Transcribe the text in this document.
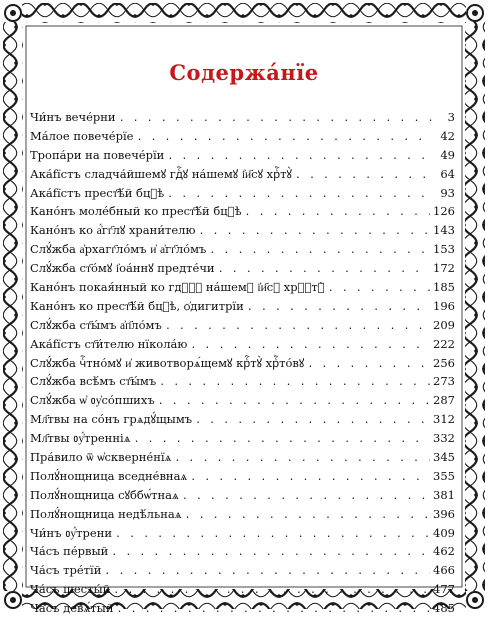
Содержа́нїе
Чи́нъ вече́рни . . .	3
Ма́лое повече́рїе . . .	42
Тропа́ри на повече́рїи . . .	49
Ака́fїстъ сладча́йшемꙋ гдⷭ҇ꙋ на́шемꙋ і҆и҃сꙋ хрⷭ҇тꙋ̀ . . .	64
Ака́fїстъ прест҃ѣ́й бцⷣѣ . . .	93
Кано́нъ моле́бный ко прест҃ѣ́й бцⷣѣ . . .	126
Кано́нъ ко а҆́гг҃лꙋ храни́телю . . .	143
Слꙋ́жба а҆рхагг҃ло́мъ и҆ а҆гг҃ло́мъ . . .	153
Слꙋ́жба ст҃о́мꙋ і҆оа́ннꙋ предте́чи . . .	172
Кано́нъ покая́нный ко гдⷭ҇ꙋ на́шемꙋ і҆и҃сꙋ хрⷭ҇тꙋ̀ . . .	185
Кано́нъ ко прест҃ѣ́й бцⷣѣ, ѻ҆дигитрїи . . .	196
Слꙋ́жба ст҃ы́мъ а҆п҃ло́мъ . . .	209
Ака́fїстъ ст҃и́телю нїкола́ю . . .	222
Слꙋ́жба чⷭ҇тно́мꙋ и҆ животворѧ́щемꙋ крⷭ҇тꙋ̀ хрⷭ҇то́вꙋ . . .	256
Слꙋ́жба всѣ́мъ ст҃ы́мъ . . .	273
Слꙋ́жба ѡ҆ ᲂу҆со́пшихъ . . .	287
Мл҃твы на со́нъ грѧдꙋ́щымъ . . .	312
Мл҃твы ᲂу҆́тренніѧ . . .	332
Пра́вило ѿ ѡ҆скверне́нїѧ . . .	345
Полꙋ́нощница вседне́внаѧ . . .	355
Полꙋ́нощница сꙋббѡ́тнаѧ . . .	381
Полꙋ́нощница недѣ́льнаѧ . . .	396
Чи́нъ ᲂу҆́трени . . .	409
Ча́съ пе́рвый . . .	462
Ча́съ тре́тїй . . .	466
Ча́съ шесты́й . . .	477
Ча́съ девѧ́тый . . .	485
